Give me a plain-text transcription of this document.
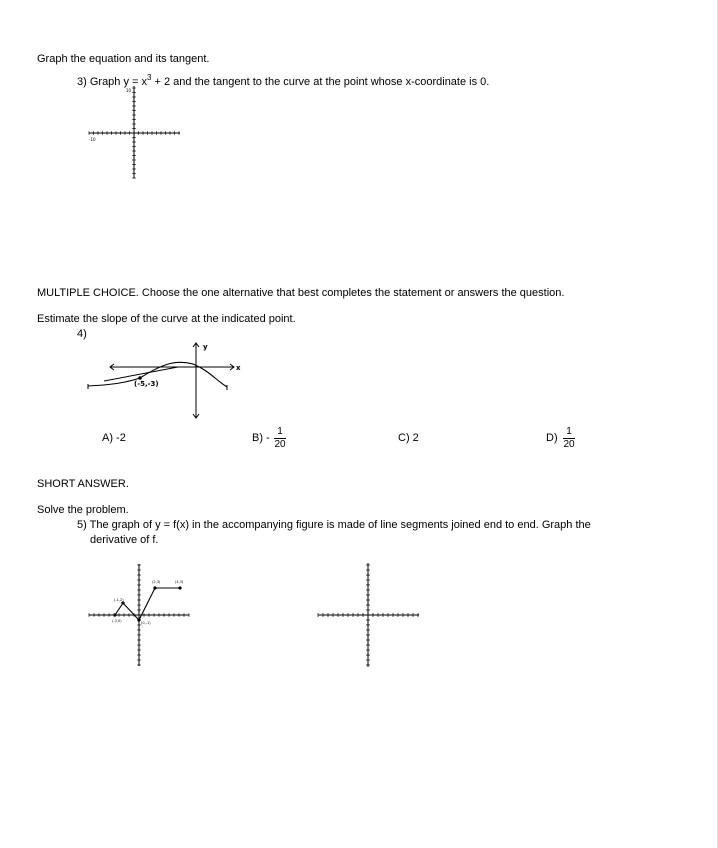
Graph the equation and its tangent.
3) Graph $y = x^3 + 2$ and the tangent to the curve at the point whose x-coordinate is 0.
10
-10
MULTIPLE CHOICE. Choose the one alternative that best completes the statement or answers the question.
Estimate the slope of the curve at the indicated point.
4)
(-5,-3)
y
x
A) -2	B) -
1
20
C) 2	D)
1
20
SHORT ANSWER.
Solve the problem.
5) The graph of y = f(x) in the accompanying figure is made of line segments joined end to end. Graph the
derivative of f.
(-3,0)
(-1,2)
(0,-1)
(2,3)	(4,3)
